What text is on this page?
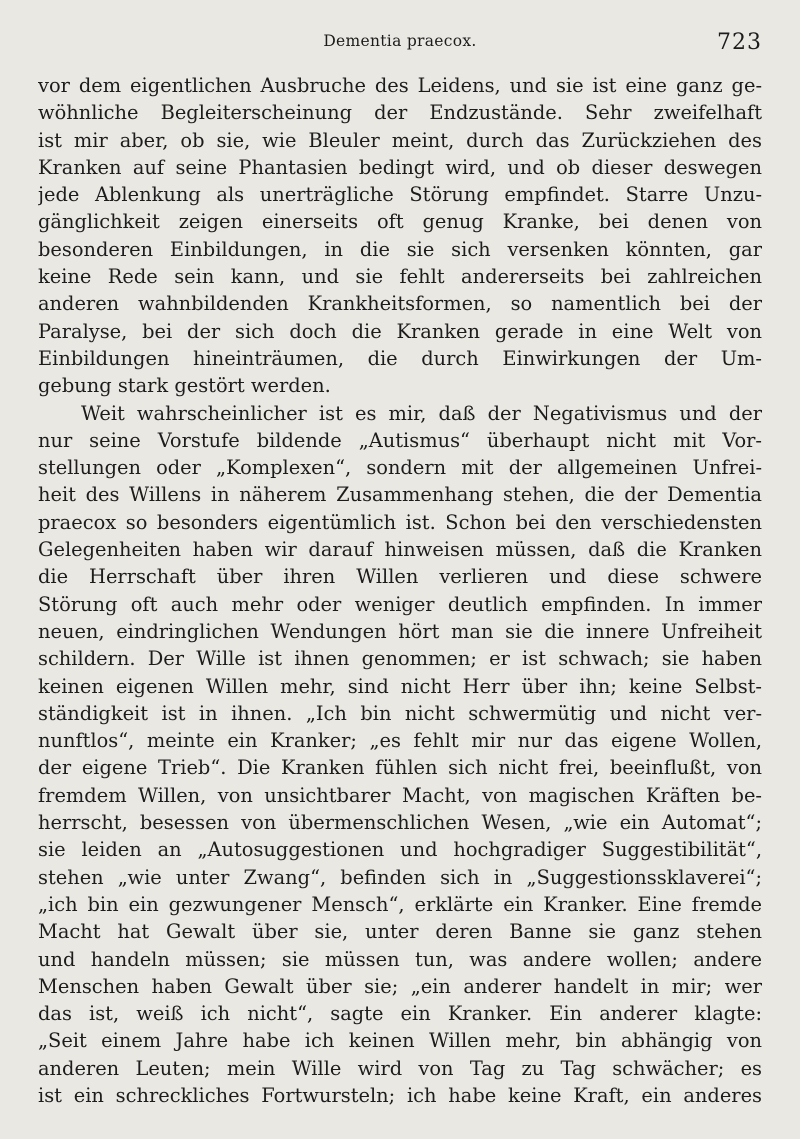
Dementia praecox.	723
vor dem eigentlichen Ausbruche des Leidens, und sie ist eine ganz ge-
wöhnliche Begleiterscheinung der Endzustände. Sehr zweifelhaft
ist mir aber, ob sie, wie Bleuler meint, durch das Zurückziehen des
Kranken auf seine Phantasien bedingt wird, und ob dieser deswegen
jede Ablenkung als unerträgliche Störung empfindet. Starre Unzu-
gänglichkeit zeigen einerseits oft genug Kranke, bei denen von
besonderen Einbildungen, in die sie sich versenken könnten, gar
keine Rede sein kann, und sie fehlt andererseits bei zahlreichen
anderen wahnbildenden Krankheitsformen, so namentlich bei der
Paralyse, bei der sich doch die Kranken gerade in eine Welt von
Einbildungen hineinträumen, die durch Einwirkungen der Um-
gebung stark gestört werden.
Weit wahrscheinlicher ist es mir, daß der Negativismus und der
nur seine Vorstufe bildende „Autismus“ überhaupt nicht mit Vor-
stellungen oder „Komplexen“, sondern mit der allgemeinen Unfrei-
heit des Willens in näherem Zusammenhang stehen, die der Dementia
praecox so besonders eigentümlich ist. Schon bei den verschiedensten
Gelegenheiten haben wir darauf hinweisen müssen, daß die Kranken
die Herrschaft über ihren Willen verlieren und diese schwere
Störung oft auch mehr oder weniger deutlich empfinden. In immer
neuen, eindringlichen Wendungen hört man sie die innere Unfreiheit
schildern. Der Wille ist ihnen genommen; er ist schwach; sie haben
keinen eigenen Willen mehr, sind nicht Herr über ihn; keine Selbst-
ständigkeit ist in ihnen. „Ich bin nicht schwermütig und nicht ver-
nunftlos“, meinte ein Kranker; „es fehlt mir nur das eigene Wollen,
der eigene Trieb“. Die Kranken fühlen sich nicht frei, beeinflußt, von
fremdem Willen, von unsichtbarer Macht, von magischen Kräften be-
herrscht, besessen von übermenschlichen Wesen, „wie ein Automat“;
sie leiden an „Autosuggestionen und hochgradiger Suggestibilität“,
stehen „wie unter Zwang“, befinden sich in „Suggestionssklaverei“;
„ich bin ein gezwungener Mensch“, erklärte ein Kranker. Eine fremde
Macht hat Gewalt über sie, unter deren Banne sie ganz stehen
und handeln müssen; sie müssen tun, was andere wollen; andere
Menschen haben Gewalt über sie; „ein anderer handelt in mir; wer
das ist, weiß ich nicht“, sagte ein Kranker. Ein anderer klagte:
„Seit einem Jahre habe ich keinen Willen mehr, bin abhängig von
anderen Leuten; mein Wille wird von Tag zu Tag schwächer; es
ist ein schreckliches Fortwursteln; ich habe keine Kraft, ein anderes
